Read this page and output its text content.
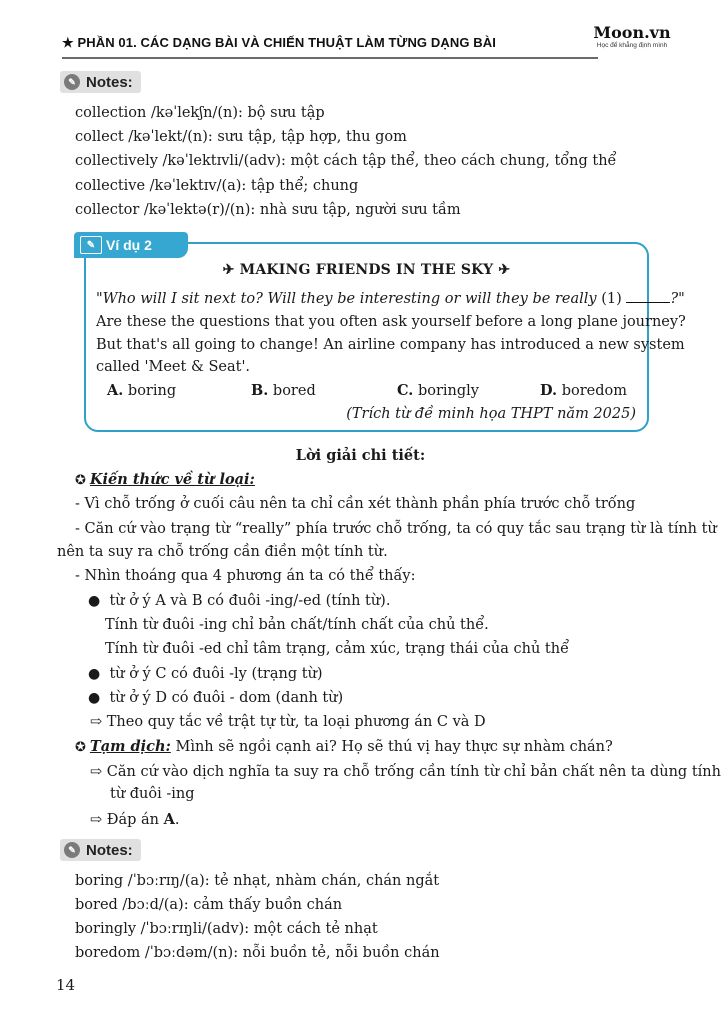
★ PHẦN 01. CÁC DẠNG BÀI VÀ CHIẾN THUẬT LÀM TỪNG DẠNG BÀI
Moon.vn
Học để khẳng định mình
✎ Notes:
collection /kəˈlekʃn/(n): bộ sưu tập
collect /kəˈlekt/(n): sưu tập, tập hợp, thu gom
collectively /kəˈlektɪvli/(adv): một cách tập thể, theo cách chung, tổng thể
collective /kəˈlektɪv/(a): tập thể; chung
collector /kəˈlektə(r)/(n): nhà sưu tập, người sưu tầm
✎ Ví dụ 2
✈ MAKING FRIENDS IN THE SKY ✈
"Who will I sit next to? Will they be interesting or will they be really (1)	?"
Are these the questions that you often ask yourself before a long plane journey?
But that's all going to change! An airline company has introduced a new system
called 'Meet & Seat'.
A. boring	B. bored	C. boringly	D. boredom
(Trích từ đề minh họa THPT năm 2025)
Lời giải chi tiết:
✪ Kiến thức về từ loại:
- Vì chỗ trống ở cuối câu nên ta chỉ cần xét thành phần phía trước chỗ trống
- Căn cứ vào trạng từ “really” phía trước chỗ trống, ta có quy tắc sau trạng từ là tính từ
nên ta suy ra chỗ trống cần điền một tính từ.
- Nhìn thoáng qua 4 phương án ta có thể thấy:
● từ ở ý A và B có đuôi -ing/-ed (tính từ).
Tính từ đuôi -ing chỉ bản chất/tính chất của chủ thể.
Tính từ đuôi -ed chỉ tâm trạng, cảm xúc, trạng thái của chủ thể
● từ ở ý C có đuôi -ly (trạng từ)
● từ ở ý D có đuôi - dom (danh từ)
⇨ Theo quy tắc về trật tự từ, ta loại phương án C và D
✪ Tạm dịch: Mình sẽ ngồi cạnh ai? Họ sẽ thú vị hay thực sự nhàm chán?
⇨ Căn cứ vào dịch nghĩa ta suy ra chỗ trống cần tính từ chỉ bản chất nên ta dùng tính
từ đuôi -ing
⇨ Đáp án A.
✎ Notes:
boring /ˈbɔːrɪŋ/(a): tẻ nhạt, nhàm chán, chán ngắt
bored /bɔːd/(a): cảm thấy buồn chán
boringly /ˈbɔːrɪŋli/(adv): một cách tẻ nhạt
boredom /ˈbɔːdəm/(n): nỗi buồn tẻ, nỗi buồn chán
14
